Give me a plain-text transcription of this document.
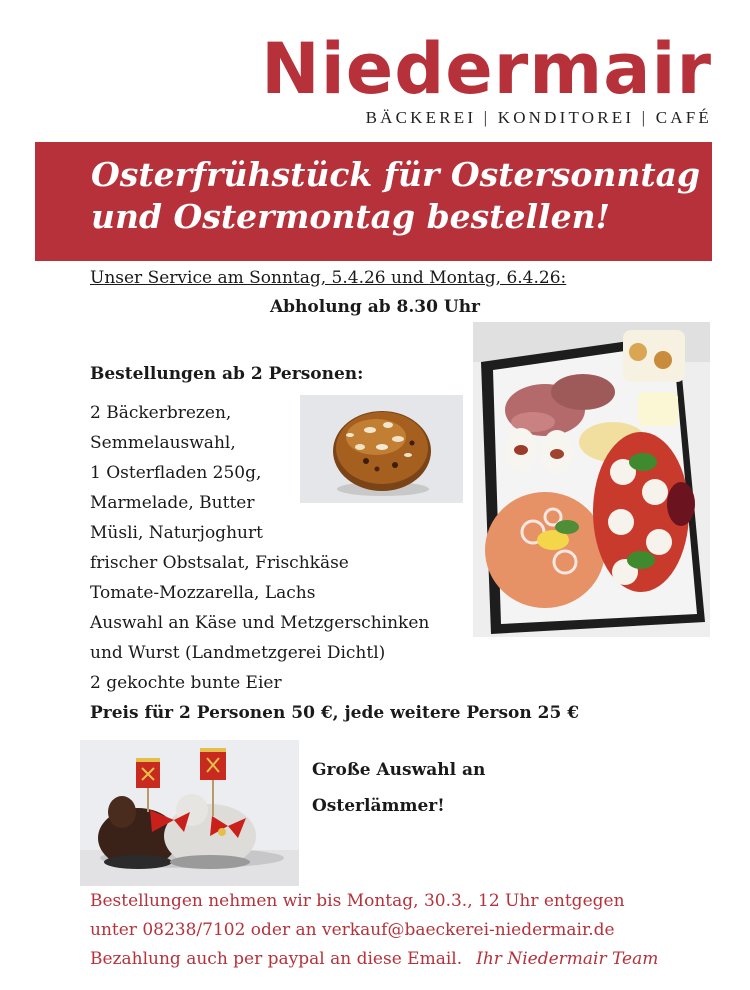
Niedermair
BÄCKEREI | KONDITOREI | CAFÉ
Osterfrühstück für Ostersonntag
und Ostermontag bestellen!
Unser Service am Sonntag, 5.4.26 und Montag, 6.4.26:
Abholung ab 8.30 Uhr
Bestellungen ab 2 Personen:
2 Bäckerbrezen,
Semmelauswahl,
1 Osterfladen 250g,
Marmelade, Butter
Müsli, Naturjoghurt
frischer Obstsalat, Frischkäse
Tomate-Mozzarella, Lachs
Auswahl an Käse und Metzgerschinken
und Wurst (Landmetzgerei Dichtl)
2 gekochte bunte Eier
Preis für 2 Personen 50 €, jede weitere Person 25 €
Große Auswahl an
Osterlämmer!
Bestellungen nehmen wir bis Montag, 30.3., 12 Uhr entgegen
unter 08238/7102 oder an verkauf@baeckerei-niedermair.de
Bezahlung auch per paypal an diese Email. Ihr Niedermair Team
